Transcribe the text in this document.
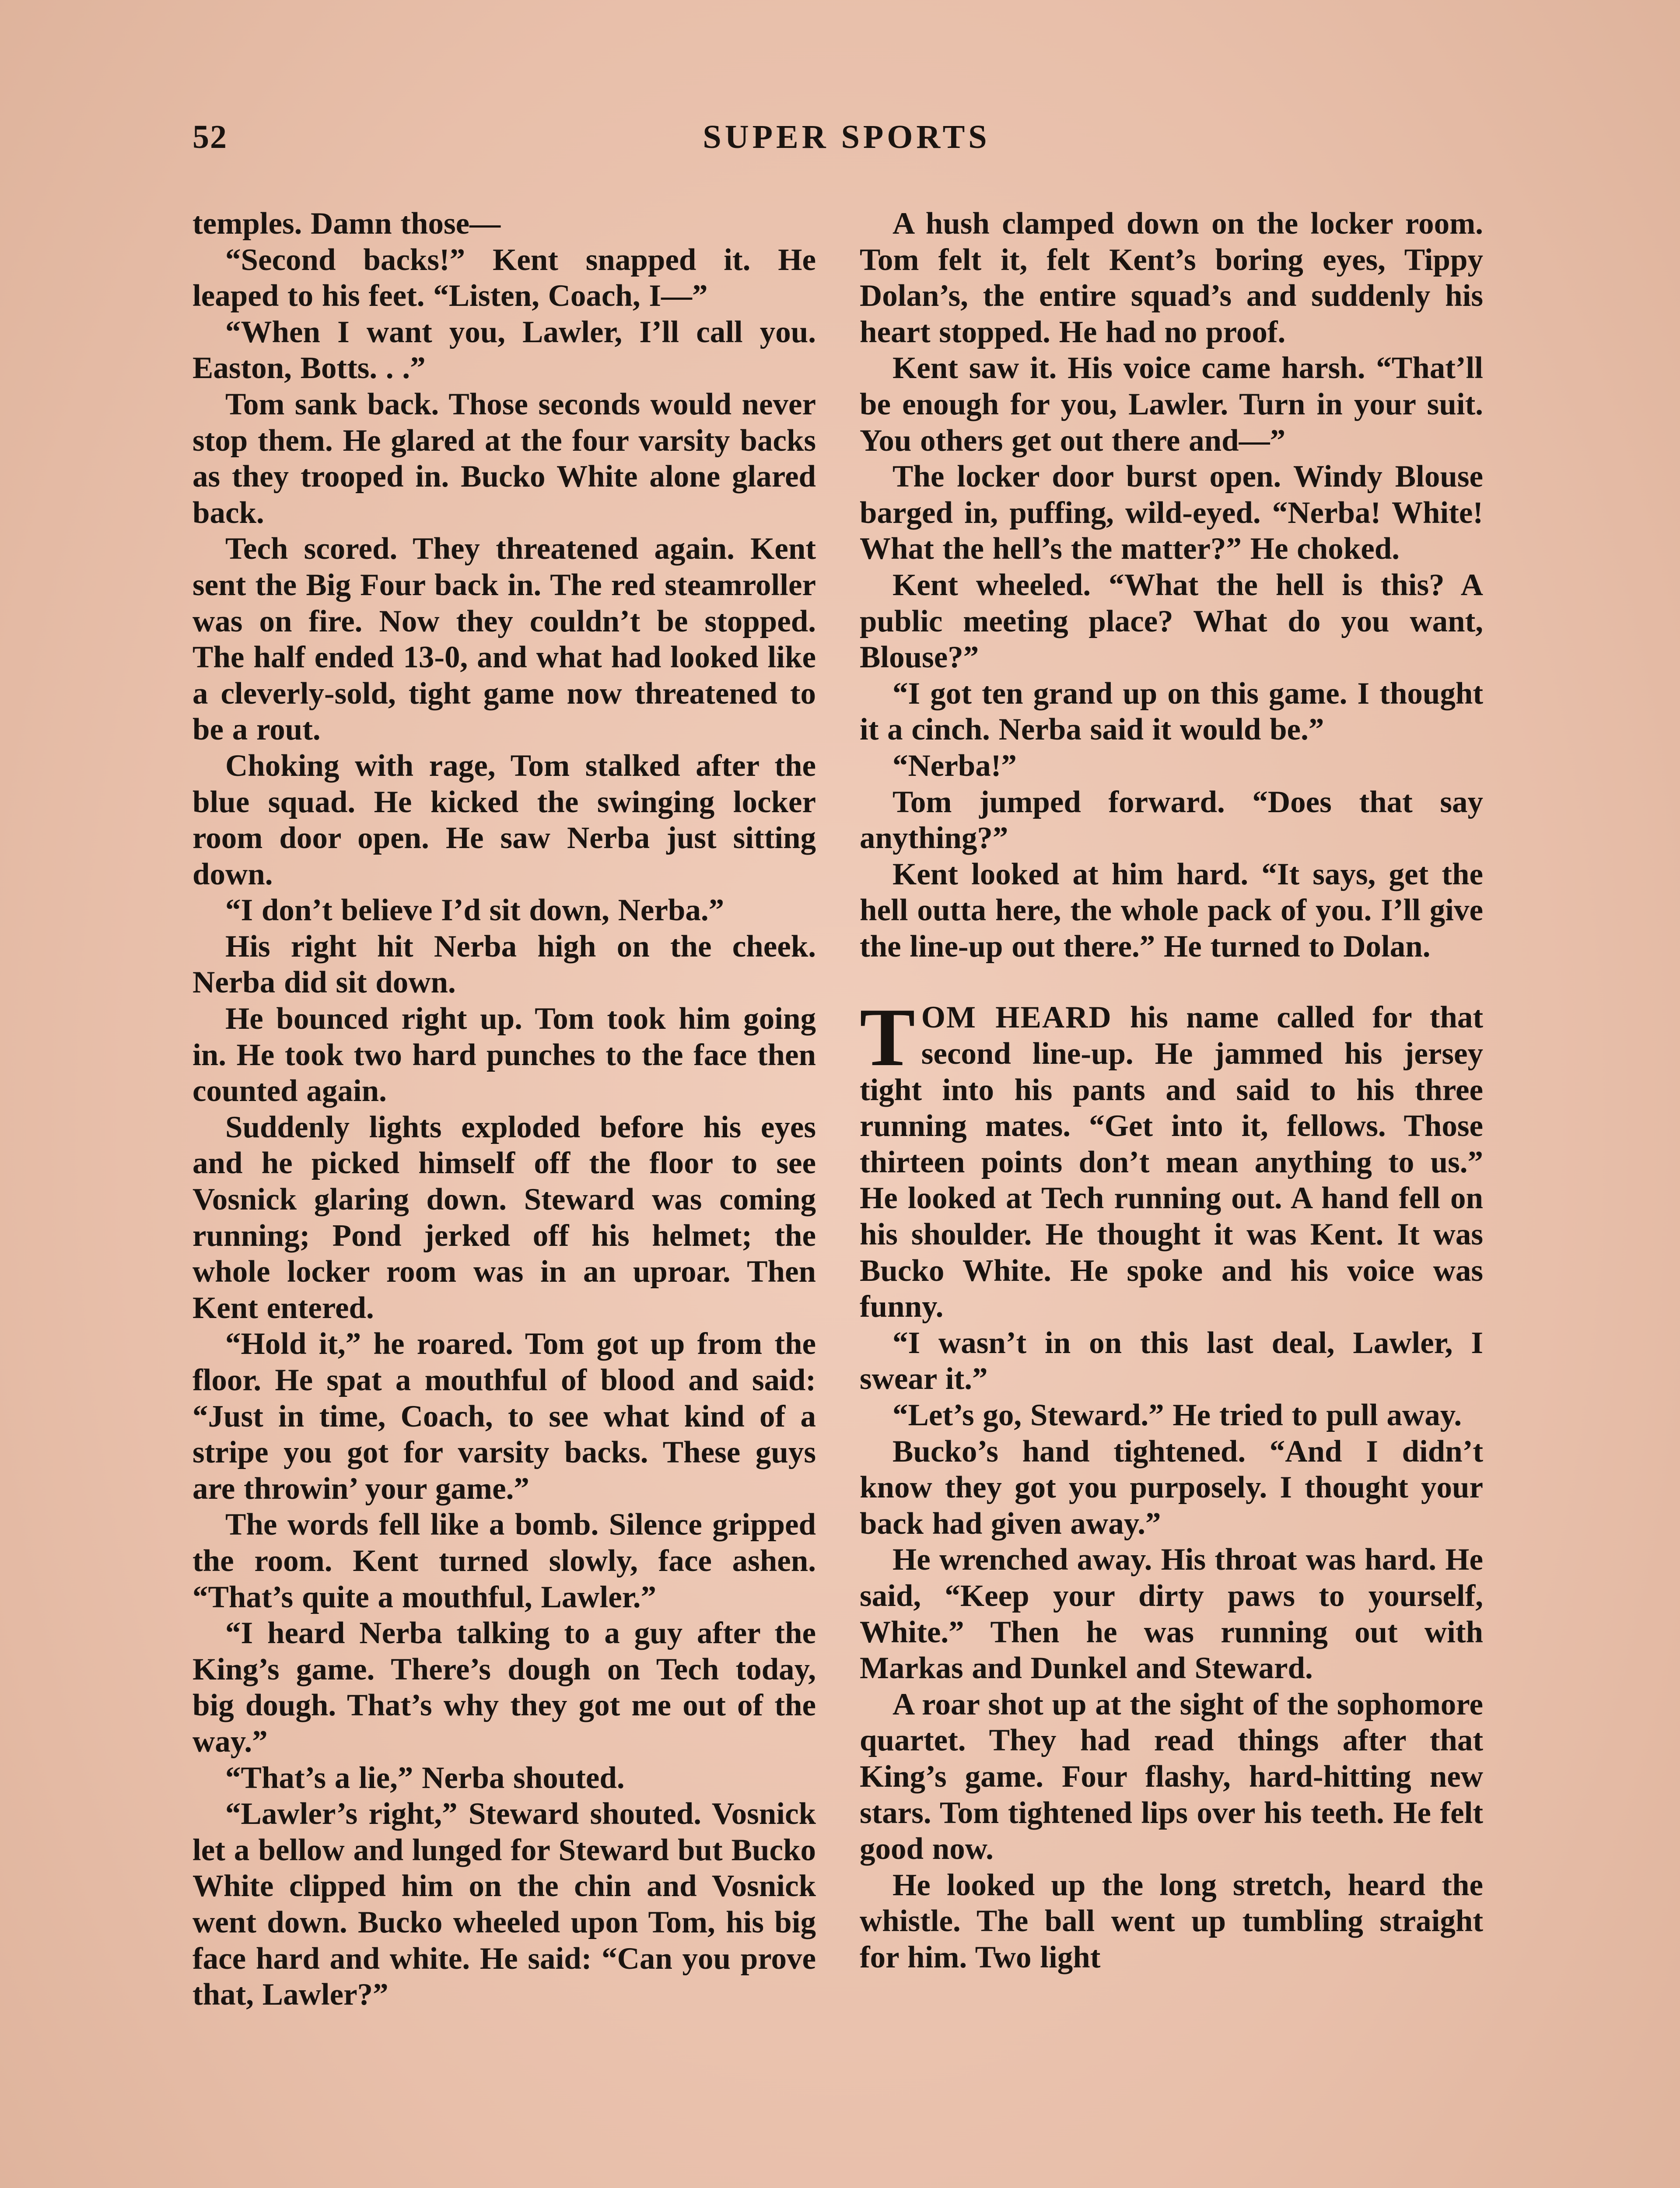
52	SUPER SPORTS

temples. Damn those—

“Second backs!” Kent snapped it. He leaped to his feet. “Listen, Coach, I—”

“When I want you, Lawler, I’ll call you. Easton, Botts. . .”

Tom sank back. Those seconds would never stop them. He glared at the four varsity backs as they trooped in. Bucko White alone glared back.

Tech scored. They threatened again. Kent sent the Big Four back in. The red steamroller was on fire. Now they couldn’t be stopped. The half ended 13-0, and what had looked like a cleverly-sold, tight game now threatened to be a rout.

Choking with rage, Tom stalked after the blue squad. He kicked the swinging locker room door open. He saw Nerba just sitting down.

“I don’t believe I’d sit down, Nerba.”

His right hit Nerba high on the cheek. Nerba did sit down.

He bounced right up. Tom took him going in. He took two hard punches to the face then counted again.

Suddenly lights exploded before his eyes and he picked himself off the floor to see Vosnick glaring down. Steward was coming running; Pond jerked off his helmet; the whole locker room was in an uproar. Then Kent entered.

“Hold it,” he roared. Tom got up from the floor. He spat a mouthful of blood and said: “Just in time, Coach, to see what kind of a stripe you got for varsity backs. These guys are throwin’ your game.”

The words fell like a bomb. Silence gripped the room. Kent turned slowly, face ashen. “That’s quite a mouthful, Lawler.”

“I heard Nerba talking to a guy after the King’s game. There’s dough on Tech today, big dough. That’s why they got me out of the way.”

“That’s a lie,” Nerba shouted.

“Lawler’s right,” Steward shouted. Vosnick let a bellow and lunged for Steward but Bucko White clipped him on the chin and Vosnick went down. Bucko wheeled upon Tom, his big face hard and white. He said: “Can you prove that, Lawler?”

A hush clamped down on the locker room. Tom felt it, felt Kent’s boring eyes, Tippy Dolan’s, the entire squad’s and suddenly his heart stopped. He had no proof.

Kent saw it. His voice came harsh. “That’ll be enough for you, Lawler. Turn in your suit. You others get out there and—”

The locker door burst open. Windy Blouse barged in, puffing, wild-eyed. “Nerba! White! What the hell’s the matter?” He choked.

Kent wheeled. “What the hell is this? A public meeting place? What do you want, Blouse?”

“I got ten grand up on this game. I thought it a cinch. Nerba said it would be.”

“Nerba!”

Tom jumped forward. “Does that say anything?”

Kent looked at him hard. “It says, get the hell outta here, the whole pack of you. I’ll give the line-up out there.” He turned to Dolan.

TOM HEARD his name called for that second line-up. He jammed his jersey tight into his pants and said to his three running mates. “Get into it, fellows. Those thirteen points don’t mean anything to us.” He looked at Tech running out. A hand fell on his shoulder. He thought it was Kent. It was Bucko White. He spoke and his voice was funny.

“I wasn’t in on this last deal, Lawler, I swear it.”

“Let’s go, Steward.” He tried to pull away.

Bucko’s hand tightened. “And I didn’t know they got you purposely. I thought your back had given away.”

He wrenched away. His throat was hard. He said, “Keep your dirty paws to yourself, White.” Then he was running out with Markas and Dunkel and Steward.

A roar shot up at the sight of the sophomore quartet. They had read things after that King’s game. Four flashy, hard-hitting new stars. Tom tightened lips over his teeth. He felt good now.

He looked up the long stretch, heard the whistle. The ball went up tumbling straight for him. Two light
